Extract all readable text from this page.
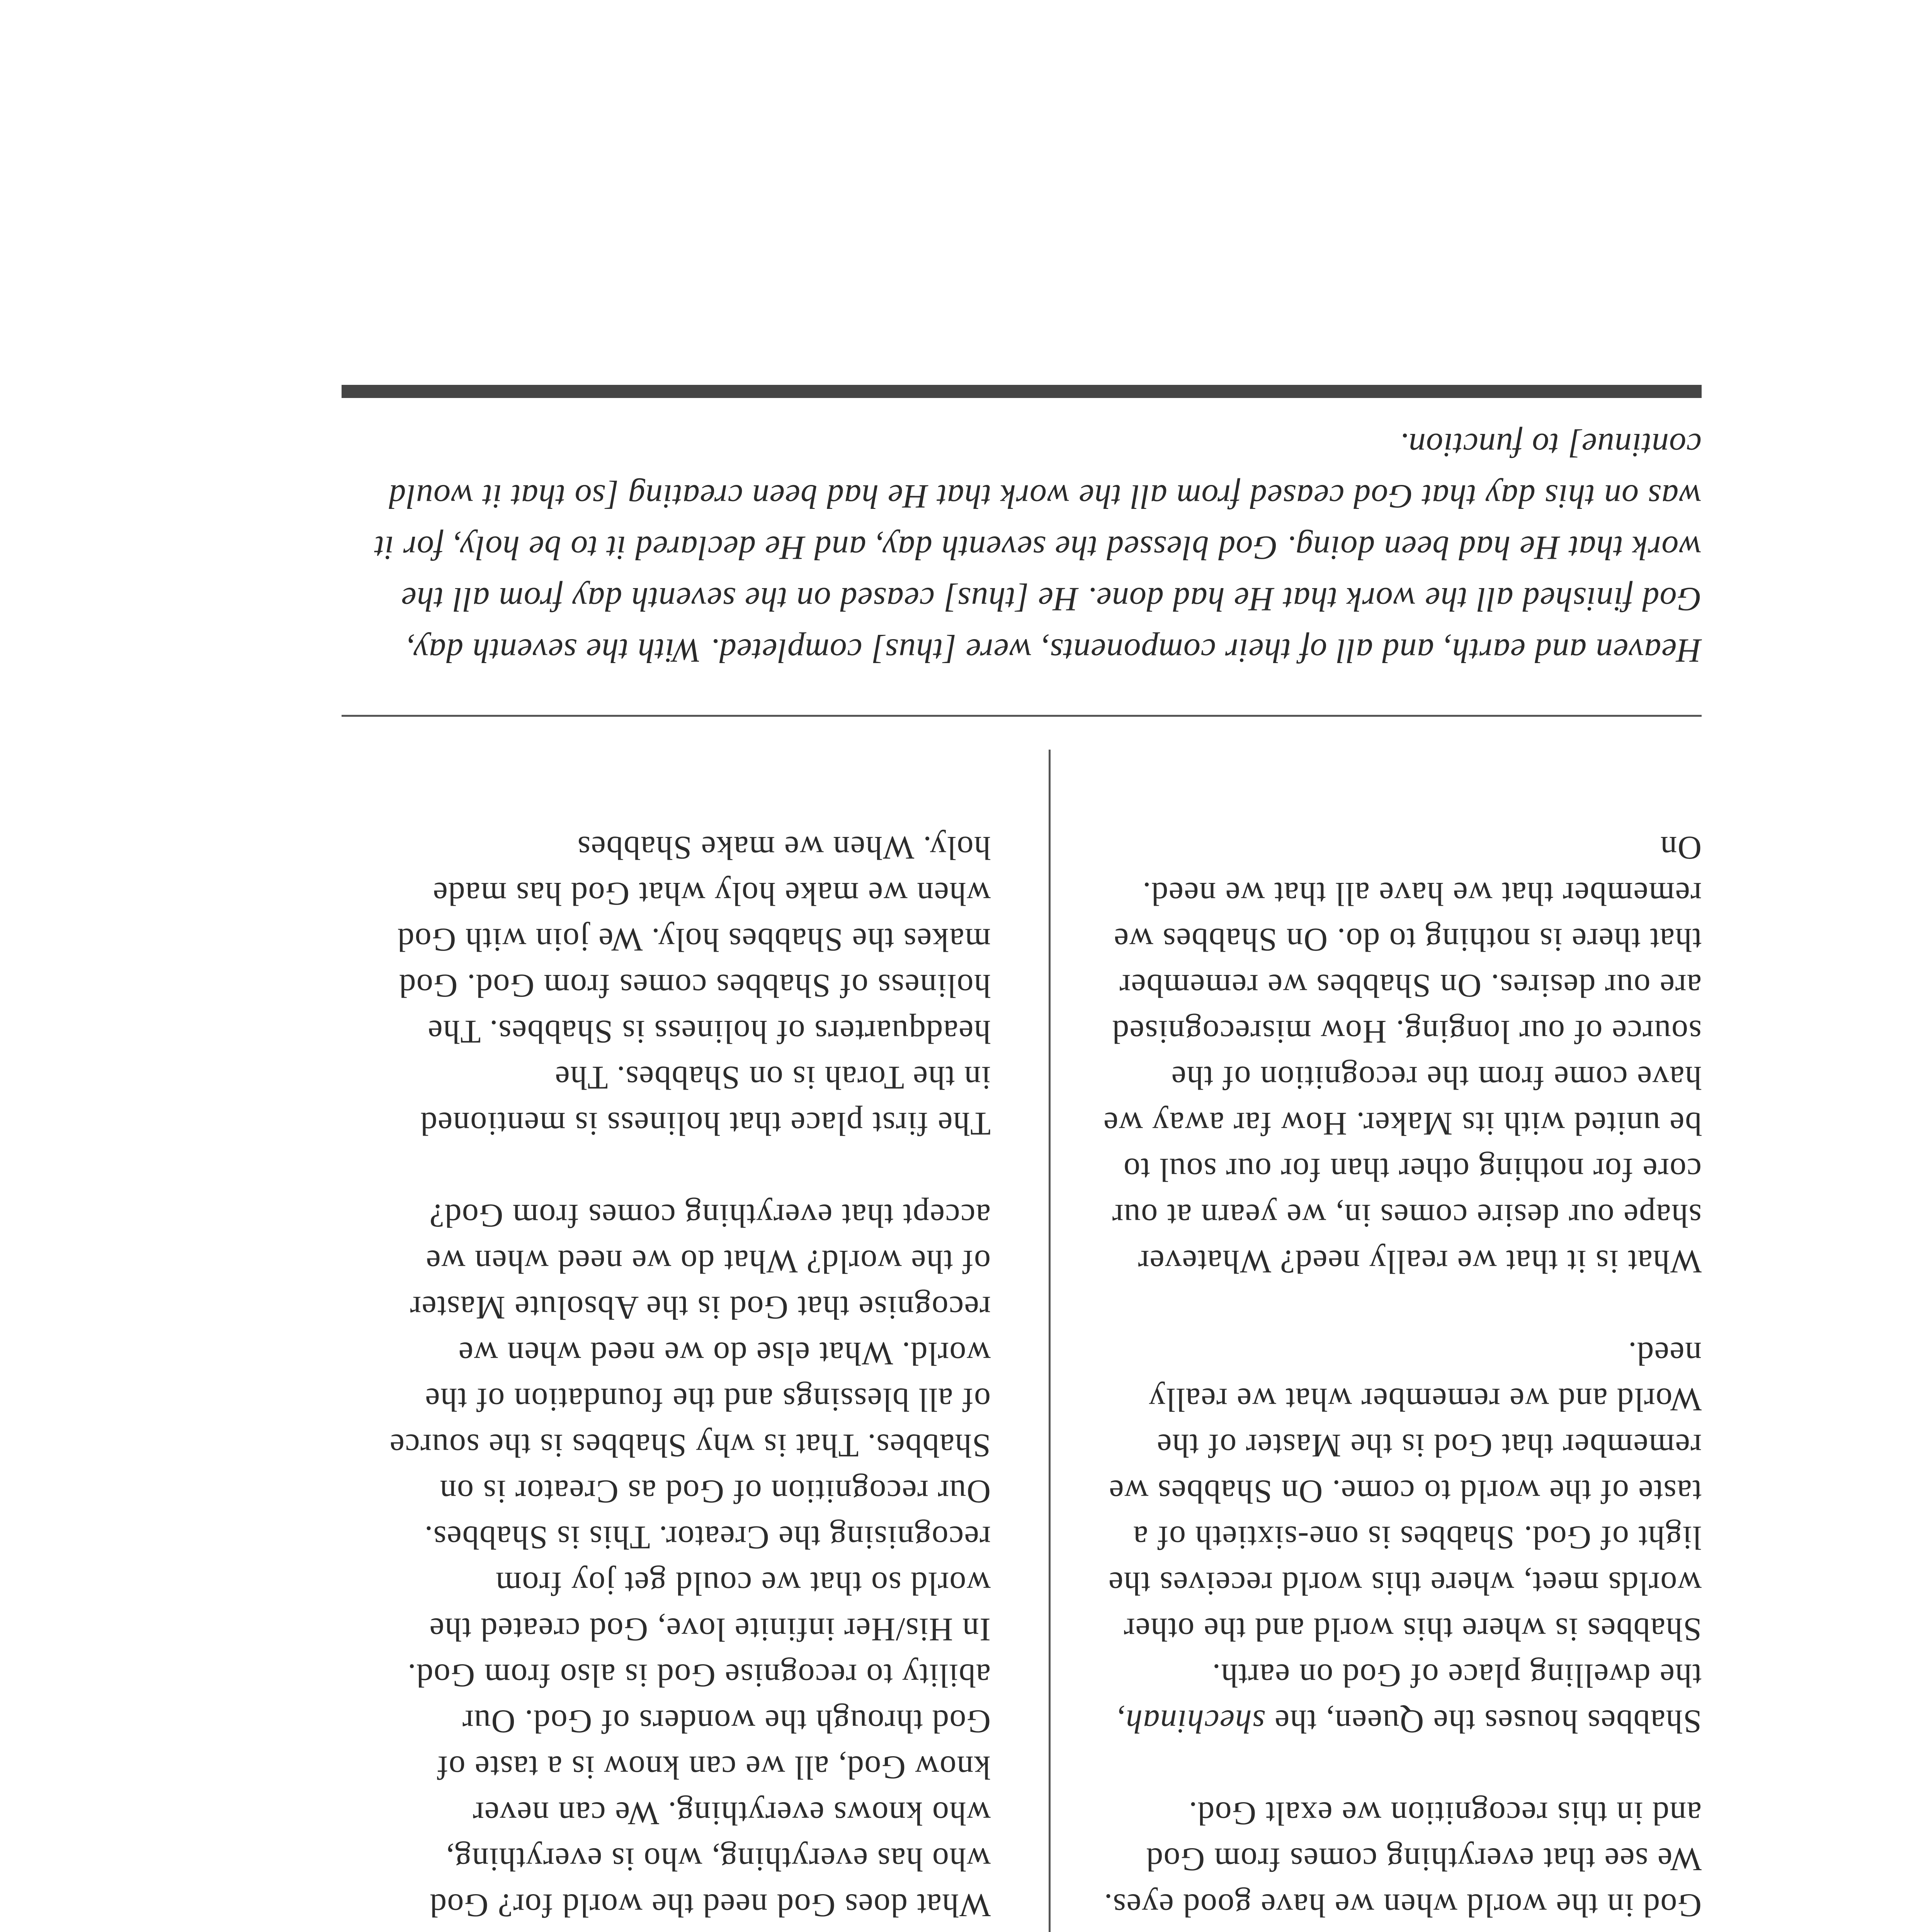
God in the world when we have good eyes. We see that everything comes from God and in this recognition we exalt God.

Shabbes houses the Queen, the shechinah, the dwelling place of God on earth. Shabbes is where this world and the other worlds meet, where this world receives the light of God. Shabbes is one-sixtieth of a taste of the world to come. On Shabbes we remember that God is the Master of the World and we remember what we really need.

What is it that we really need? Whatever shape our desire comes in, we yearn at our core for nothing other than for our soul to be united with its Maker. How far away we have come from the recognition of the source of our longing. How misrecognised are our desires. On Shabbes we remember that there is nothing to do. On Shabbes we remember that we have all that we need. On

What does God need the world for? God who has everything, who is everything, who knows everything. We can never know God, all we can know is a taste of God through the wonders of God. Our ability to recognise God is also from God. In His/Her infinite love, God created the world so that we could get joy from recognising the Creator. This is Shabbes. Our recognition of God as Creator is on Shabbes. That is why Shabbes is the source of all blessings and the foundation of the world. What else do we need when we recognise that God is the Absolute Master of the world? What do we need when we accept that everything comes from God?

The first place that holiness is mentioned in the Torah is on Shabbes. The headquarters of holiness is Shabbes. The holiness of Shabbes comes from God. God makes the Shabbes holy. We join with God when we make holy what God has made holy. When we make Shabbes

Heaven and earth, and all of their components, were [thus] completed. With the seventh day, God finished all the work that He had done. He [thus] ceased on the seventh day from all the work that He had been doing. God blessed the seventh day, and He declared it to be holy, for it was on this day that God ceased from all the work that He had been creating [so that it would continue] to function.
